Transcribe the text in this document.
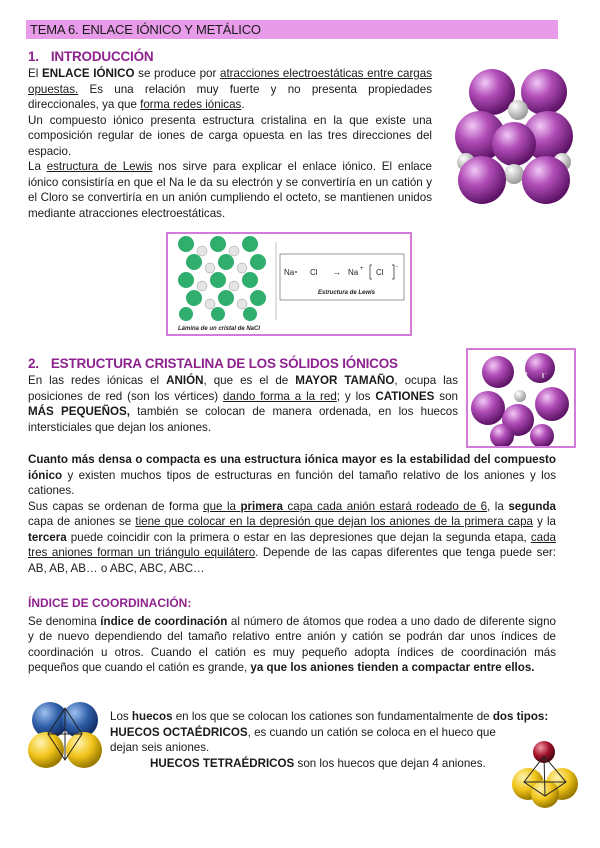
TEMA 6. ENLACE IÓNICO Y METÁLICO
1. INTRODUCCIÓN

El ENLACE IÓNICO se produce por atracciones electroestáticas entre cargas opuestas. Es una relación muy fuerte y no presenta propiedades direccionales, ya que forma redes iónicas.

Un compuesto iónico presenta estructura cristalina en la que existe una composición regular de iones de carga opuesta en las tres direcciones del espacio.

La estructura de Lewis nos sirve para explicar el enlace iónico. El enlace iónico consistiría en que el Na le da su electrón y se convertiría en un catión y el Cloro se convertiría en un anión cumpliendo el octeto, se mantienen unidos mediante atracciones electroestáticas.

Lámina de un cristal de NaCl
Na Cl → Na + Cl
-
Estructura de Lewis
2. ESTRUCTURA CRISTALINA DE LOS SÓLIDOS IÓNICOS
Li + I -

En las redes iónicas el ANIÓN, que es el de MAYOR TAMAÑO, ocupa las posiciones de red (son los vértices) dando forma a la red; y los CATIONES son MÁS PEQUEÑOS, también se colocan de manera ordenada, en los huecos intersticiales que dejan los aniones.

Cuanto más densa o compacta es una estructura iónica mayor es la estabilidad del compuesto iónico y existen muchos tipos de estructuras en función del tamaño relativo de los aniones y los cationes.

Sus capas se ordenan de forma que la primera capa cada anión estará rodeado de 6, la segunda capa de aniones se tiene que colocar en la depresión que dejan los aniones de la primera capa y la tercera puede coincidir con la primera o estar en las depresiones que dejan la segunda etapa, cada tres aniones forman un triángulo equilátero. Depende de las capas diferentes que tenga puede ser: AB, AB, AB… o ABC, ABC, ABC…

ÍNDICE DE COORDINACIÓN:

Se denomina índice de coordinación al número de átomos que rodea a uno dado de diferente signo y de nuevo dependiendo del tamaño relativo entre anión y catión se podrán dar unos índices de coordinación u otros. Cuando el catión es muy pequeño adopta índices de coordinación más pequeños que cuando el catión es grande, ya que los aniones tienden a compactar entre ellos.

Los huecos en los que se colocan los cationes son fundamentalmente de dos tipos:

HUECOS OCTAÉDRICOS, es cuando un catión se coloca en el hueco que dejan seis aniones.

HUECOS TETRAÉDRICOS son los huecos que dejan 4 aniones.
